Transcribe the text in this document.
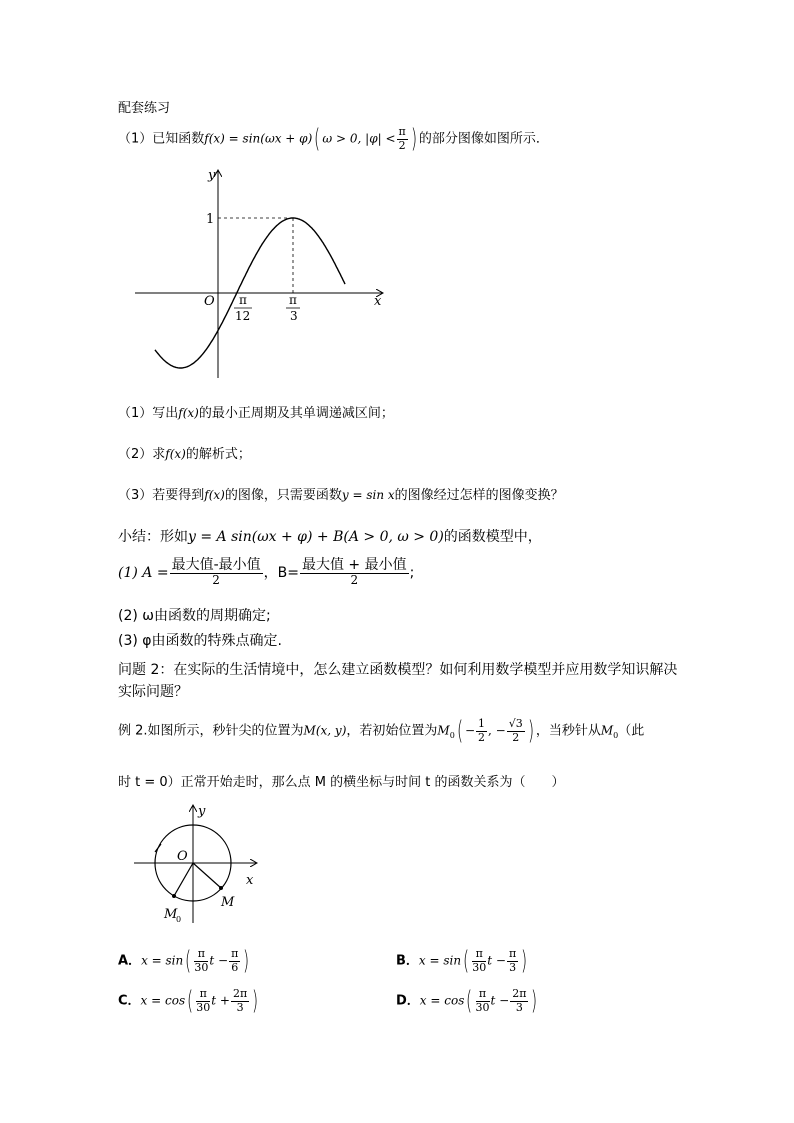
配套练习
（1）已知函数f(x) = sin(ωx + φ)( ω > 0, $|\varphi| < \frac{\pi}{2}$ ) 的部分图像如图所示．
y
x
O
1
π
12
π
3
（1）写出f(x)的最小正周期及其单调递减区间；
（2）求f(x)的解析式；
（3）若要得到f(x)的图像，只需要函数y = sin x的图像经过怎样的图像变换？
小结：形如y = A sin(ωx + φ) + B(A > 0, ω > 0)的函数模型中，
(1) $A = \frac{\text{最大值-最小值}}{2}$ ，$B= \frac{\text{最大值 + 最小值}}{2}$ ;
(2) ω由函数的周期确定;
(3) φ由函数的特殊点确定.
问题 2：在实际的生活情境中，怎么建立函数模型？如何利用数学模型并应用数学知识解决
实际问题？
例 2.如图所示，秒针尖的位置为M(x, y)，若初始位置为$M_0( - \frac{1}{2}$ , − $\frac{√3}{2}$ ) ，当秒针从$M_0$（此
时 t = 0）正常开始走时，那么点 M 的横坐标与时间 t 的函数关系为（　　）
y
x
O
M
M
0
A．$x = \sin( \frac{\pi}{30}$ $t - \frac{\pi}{6}$ )	B．$x = \sin( \frac{\pi}{30}$ $t - \frac{\pi}{3}$ )
C．$x = \cos( \frac{\pi}{30}$ $t + \frac{2\pi}{3}$ )	D．$x = \cos( \frac{\pi}{30}$ $t - \frac{2\pi}{3}$ )
